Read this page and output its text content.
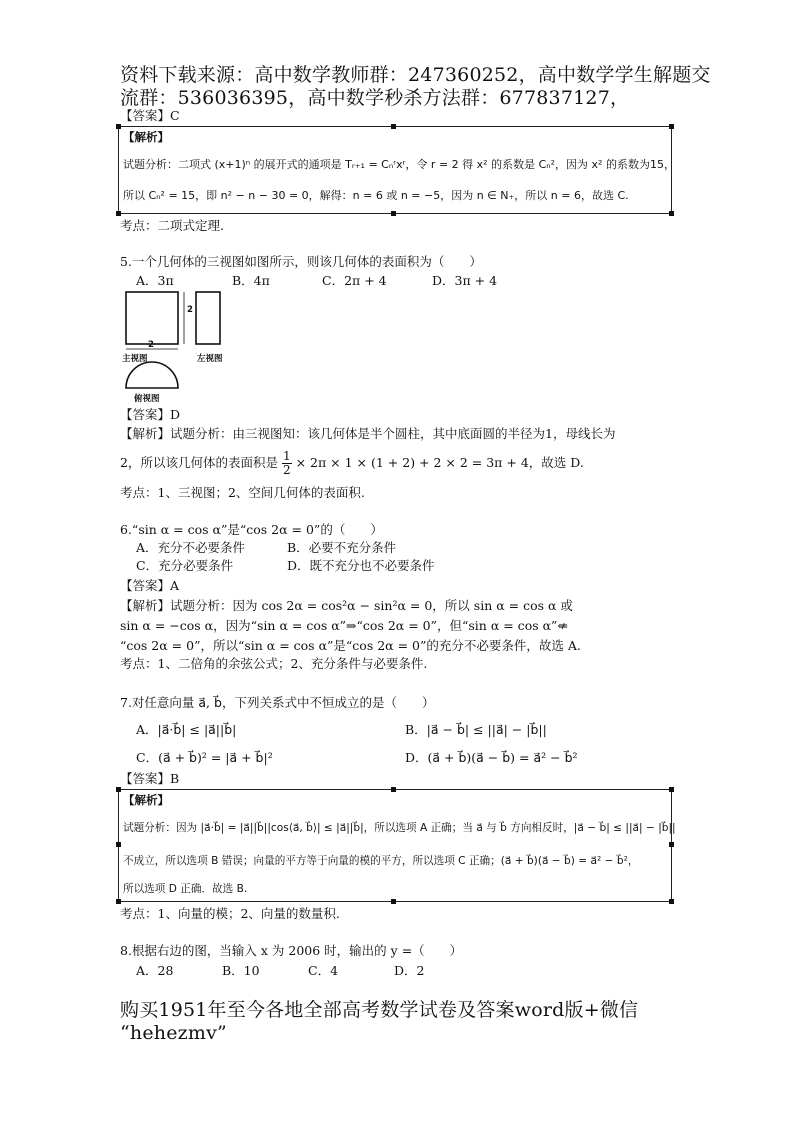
资料下载来源：高中数学教师群：247360252，高中数学学生解题交
流群：536036395，高中数学秒杀方法群：677837127，
【答案】C
【解析】
试题分析：二项式 (x+1)ⁿ 的展开式的通项是 Tᵣ₊₁ = Cₙʳxʳ，令 r = 2 得 x² 的系数是 Cₙ²，因为 x² 的系数为15，
所以 Cₙ² = 15，即 n² − n − 30 = 0，解得：n = 6 或 n = −5，因为 n ∈ N₊，所以 n = 6，故选 C.
考点：二项式定理.
5.一个几何体的三视图如图所示，则该几何体的表面积为（　　）
A．3π	B．4π	C．2π + 4	D．3π + 4
2
2
主视图	左视图
俯视图
【答案】D
【解析】试题分析：由三视图知：该几何体是半个圆柱，其中底面圆的半径为1，母线长为
2，所以该几何体的表面积是 $\frac{1}{2} \times 2\pi \times 1 \times (1 + 2) + 2 \times 2 = 3\pi + 4$，故选 D.
考点：1、三视图；2、空间几何体的表面积.
6.“sin α = cos α”是“cos 2α = 0”的（　　）
A．充分不必要条件	B．必要不充分条件
C．充分必要条件	D．既不充分也不必要条件
【答案】A
【解析】试题分析：因为 cos 2α = cos²α − sin²α = 0，所以 sin α = cos α 或
sin α = −cos α，因为“sin α = cos α”⇒“cos 2α = 0”，但“sin α = cos α”⇍
“cos 2α = 0”，所以“sin α = cos α”是“cos 2α = 0”的充分不必要条件，故选 A.
考点：1、二倍角的余弦公式；2、充分条件与必要条件.
7.对任意向量 a⃗, b⃗，下列关系式中不恒成立的是（　　）
A．|a⃗·b⃗| ≤ |a⃗||b⃗|	B．|a⃗ − b⃗| ≤ ||a⃗| − |b⃗||
C．(a⃗ + b⃗)² = |a⃗ + b⃗|²	D．(a⃗ + b⃗)(a⃗ − b⃗) = a⃗² − b⃗²
【答案】B
【解析】
试题分析：因为 |a⃗·b⃗| = |a⃗||b⃗||cos⟨a⃗, b⃗⟩| ≤ |a⃗||b⃗|，所以选项 A 正确；当 a⃗ 与 b⃗ 方向相反时，|a⃗ − b⃗| ≤ ||a⃗| − |b⃗||
不成立，所以选项 B 错误；向量的平方等于向量的模的平方，所以选项 C 正确；(a⃗ + b⃗)(a⃗ − b⃗) = a⃗² − b⃗²，
所以选项 D 正确．故选 B.
考点：1、向量的模；2、向量的数量积.
8.根据右边的图，当输入 x 为 2006 时，输出的 y =（　　）
A．28	B．10	C．4	D．2
购买1951年至今各地全部高考数学试卷及答案word版+微信
“hehezmv”
